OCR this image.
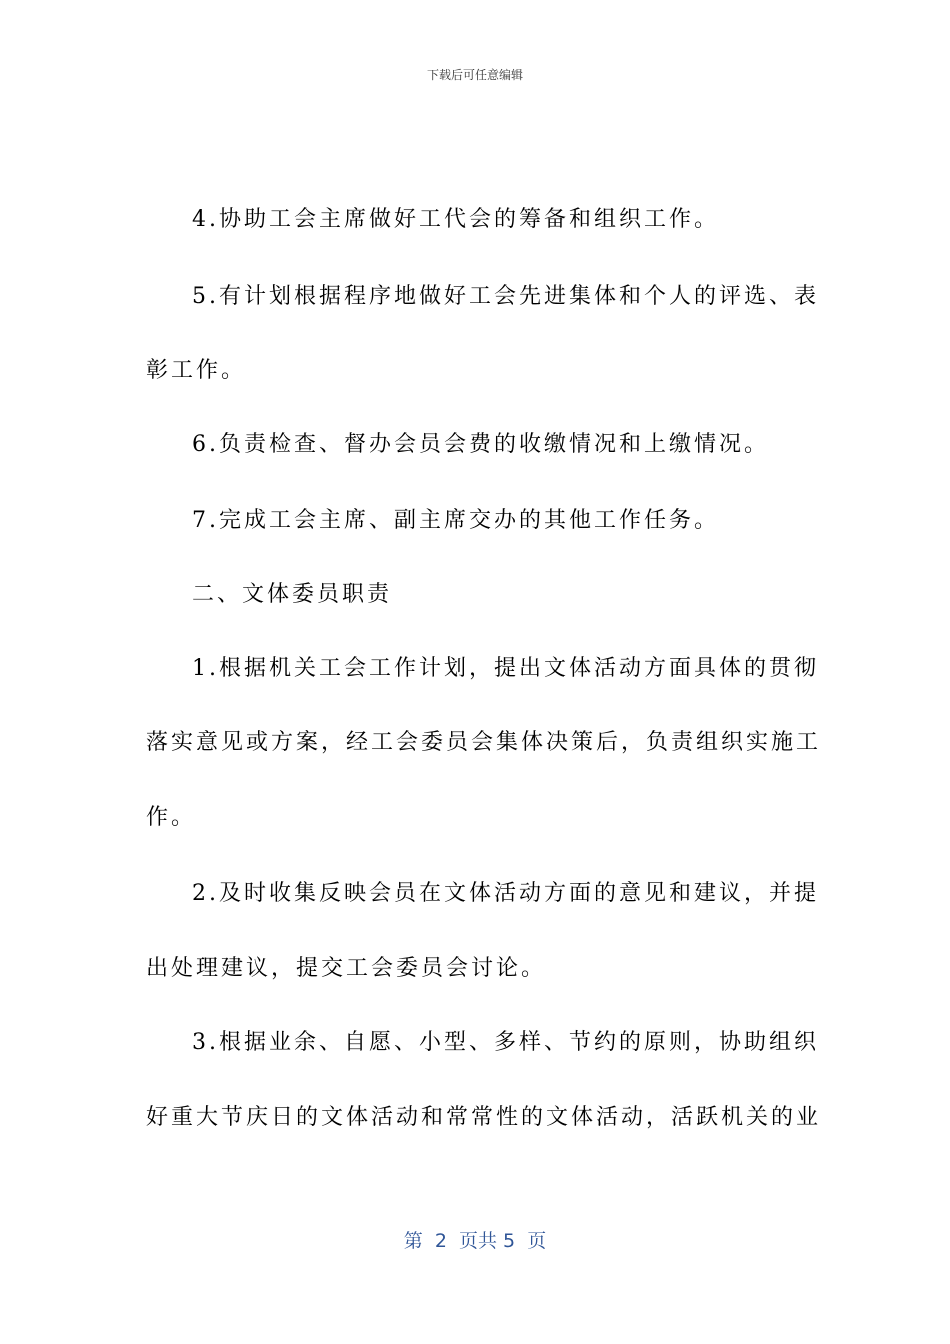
下载后可任意编辑
4.协助工会主席做好工代会的筹备和组织工作。
5.有计划根据程序地做好工会先进集体和个人的评选、表
彰工作。
6.负责检查、督办会员会费的收缴情况和上缴情况。
7.完成工会主席、副主席交办的其他工作任务。
二、文体委员职责
1.根据机关工会工作计划，提出文体活动方面具体的贯彻
落实意见或方案，经工会委员会集体决策后，负责组织实施工
作。
2.及时收集反映会员在文体活动方面的意见和建议，并提
出处理建议，提交工会委员会讨论。
3.根据业余、自愿、小型、多样、节约的原则，协助组织
好重大节庆日的文体活动和常常性的文体活动，活跃机关的业
第  2  页共 5  页
